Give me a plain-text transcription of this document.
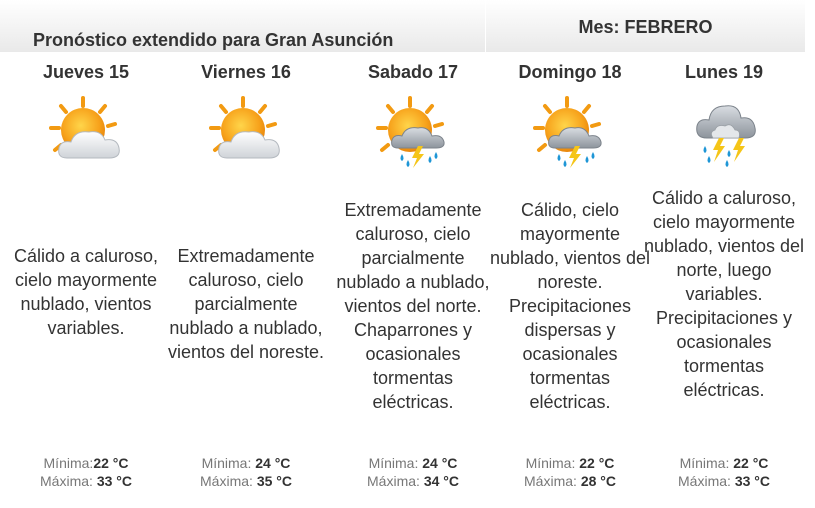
Pronóstico extendido para Gran Asunción
Mes: FEBRERO
Jueves 15
Cálido a caluroso, cielo mayormente nublado, vientos variables.
Mínima:22 °C
Máxima: 33 °C
Viernes 16
Extremadamente caluroso, cielo parcialmente nublado a nublado, vientos del noreste.
Mínima: 24 °C
Máxima: 35 °C
Sabado 17
Extremadamente caluroso, cielo parcialmente nublado a nublado, vientos del norte. Chaparrones y ocasionales tormentas eléctricas.
Mínima: 24 °C
Máxima: 34 °C
Domingo 18
Cálido, cielo mayormente nublado, vientos del noreste. Precipitaciones dispersas y ocasionales tormentas eléctricas.
Mínima: 22 °C
Máxima: 28 °C
Lunes 19
Cálido a caluroso, cielo mayormente nublado, vientos del norte, luego variables. Precipitaciones y ocasionales tormentas eléctricas.
Mínima: 22 °C
Máxima: 33 °C
